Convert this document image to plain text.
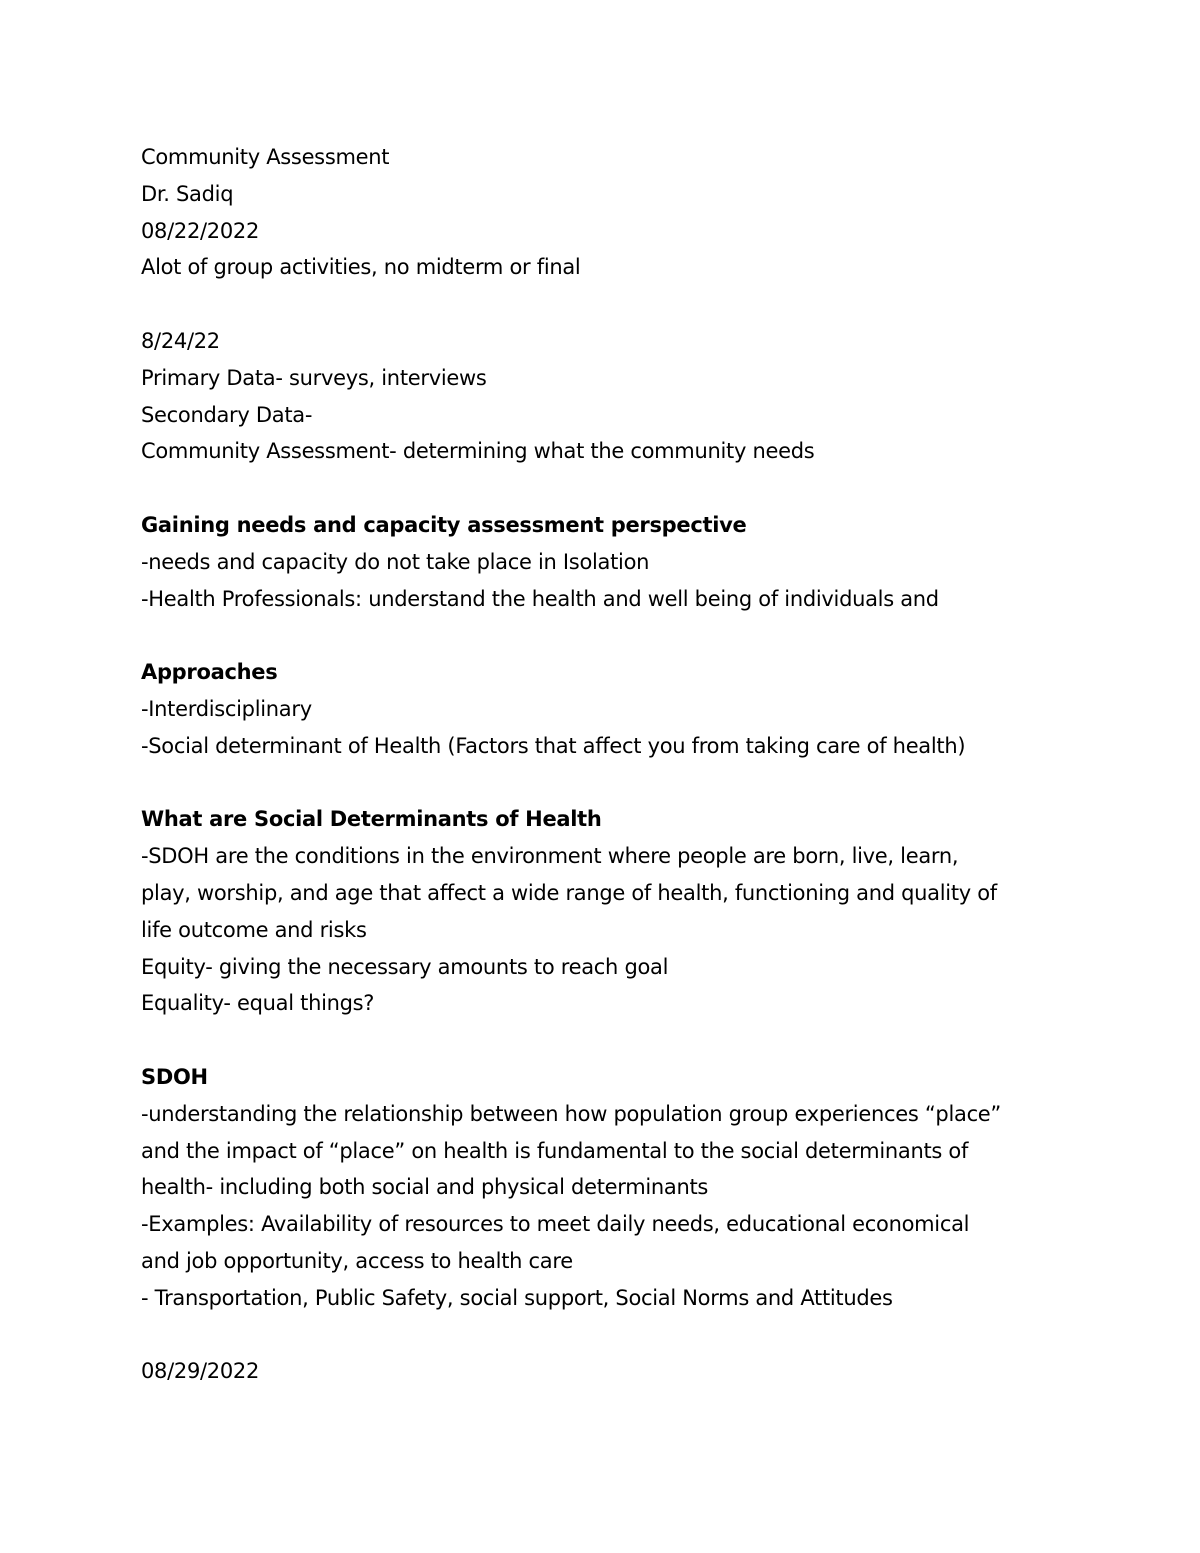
Community Assessment
Dr. Sadiq
08/22/2022
Alot of group activities, no midterm or final
8/24/22
Primary Data- surveys, interviews
Secondary Data-
Community Assessment- determining what the community needs
Gaining needs and capacity assessment perspective
-needs and capacity do not take place in Isolation
-Health Professionals: understand the health and well being of individuals and
Approaches
-Interdisciplinary
-Social determinant of Health (Factors that affect you from taking care of health)
What are Social Determinants of Health
-SDOH are the conditions in the environment where people are born, live, learn,
play, worship, and age that affect a wide range of health, functioning and quality of
life outcome and risks
Equity- giving the necessary amounts to reach goal
Equality- equal things?
SDOH
-understanding the relationship between how population group experiences “place”
and the impact of “place” on health is fundamental to the social determinants of
health- including both social and physical determinants
-Examples: Availability of resources to meet daily needs, educational economical
and job opportunity, access to health care
- Transportation, Public Safety, social support, Social Norms and Attitudes
08/29/2022
